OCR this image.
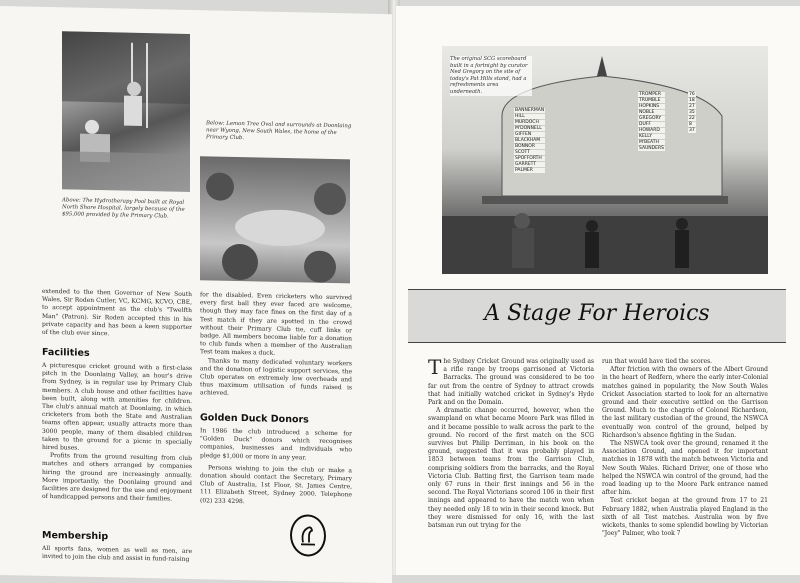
Above: The Hydrotherapy Pool built at Royal North Shore Hospital, largely because of the $95,000 provided by the Primary Club.
Below: Lemon Tree Oval and surrounds at Doonlaing near Wyong, New South Wales, the home of the Primary Club.

extended to the then Governor of New South Wales, Sir Roden Cutler, VC, KCMG, KCVO, CBE, to accept appointment as the club's "Twelfth Man" (Patron). Sir Roden accepted this in his private capacity and has been a keen supporter of the club ever since.

Facilities

A picturesque cricket ground with a first-class pitch in the Doonlaing Valley, an hour's drive from Sydney, is in regular use by Primary Club members. A club house and other facilities have been built, along with amenities for children. The club's annual match at Doonlaing, in which cricketers from both the State and Australian teams often appear, usually attracts more than 3000 people, many of them disabled children taken to the ground for a picnic in specially hired buses.

Profits from the ground resulting from club matches and others arranged by companies hiring the ground are increasingly annually. More importantly, the Doonlaing ground and facilities are designed for the use and enjoyment of handicapped persons and their families.

Membership

All sports fans, women as well as men, are invited to join the club and assist in fund-raising

for the disabled. Even cricketers who survived every first ball they ever faced are welcome, though they may face fines on the first day of a Test match if they are spotted in the crowd without their Primary Club tie, cuff links or badge. All members become liable for a donation to club funds when a member of the Australian Test team makes a duck.

Thanks to many dedicated voluntary workers and the donation of logistic support services, the Club operates on extremely low overheads and thus maximum utilisation of funds raised is achieved.

Golden Duck Donors

In 1986 the club introduced a scheme for "Golden Duck" donors which recognises companies, businesses and individuals who pledge $1,000 or more in any year.

Persons wishing to join the club or make a donation should contact the Secretary, Primary Club of Australia, 1st Floor, St. James Centre, 111 Elizabeth Street, Sydney 2000. Telephone (02) 233 4298.

BANNERMAN
HILL
MURDOCH
M'DONNELL
GIFFEN
BLACKHAM
BONNOR
SCOTT
SPOFFORTH
GARRETT
PALMER
TROMPER
TRUMBLE
HOPKINS
NOBLE
GREGORY
DUFF
HOWARD
KELLY
M'BEATH
SAUNDERS
76
18
27
35
22
8
37
The original SCG scoreboard built in a fortnight by curator Ned Gregory on the site of today's Pat Hills stand, had a refreshments area underneath.
A Stage For Heroics

The Sydney Cricket Ground was originally used as a rifle range by troops garrisoned at Victoria Barracks. The ground was considered to be too far out from the centre of Sydney to attract crowds that had initially watched cricket in Sydney's Hyde Park and on the Domain.

A dramatic change occurred, however, when the swampland on what became Moore Park was filled in and it became possible to walk across the park to the ground. No record of the first match on the SCG survives but Philip Derriman, in his book on the ground, suggested that it was probably played in 1853 between teams from the Garrison Club, comprising soldiers from the barracks, and the Royal Victoria Club. Batting first, the Garrison team made only 67 runs in their first innings and 56 in the second. The Royal Victorians scored 106 in their first innings and appeared to have the match won when they needed only 18 to win in their second knock. But they were dismissed for only 16, with the last batsman run out trying for the

run that would have tied the scores.

After friction with the owners of the Albert Ground in the heart of Redfern, where the early inter-Colonial matches gained in popularity, the New South Wales Cricket Association started to look for an alternative ground and their executive settled on the Garrison Ground. Much to the chagrin of Colonel Richardson, the last military custodian of the ground, the NSWCA eventually won control of the ground, helped by Richardson's absence fighting in the Sudan.

The NSWCA took over the ground, renamed it the Association Ground, and opened it for important matches in 1878 with the match between Victoria and New South Wales. Richard Driver, one of those who helped the NSWCA win control of the ground, had the road leading up to the Moore Park entrance named after him.

Test cricket began at the ground from 17 to 21 February 1882, when Australia played England in the sixth of all Test matches. Australia won by five wickets, thanks to some splendid bowling by Victorian "Joey" Palmer, who took 7
